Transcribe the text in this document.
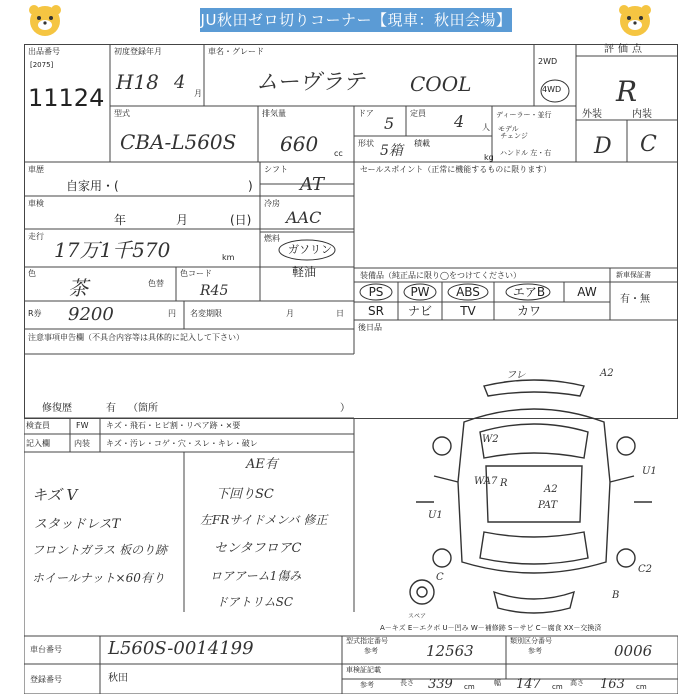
JU秋田ゼロ切りコーナー【現車：秋田会場】
出品番号
[2075]
11124
初度登録年月
H18 4
月
車名・グレード
ムーヴラテ COOL
2WD
4WD
評価点
R
外装	内装
D C
型式
CBA-L560S
排気量
660 cc
ドア
5
定員 4 人
形状 5箱 積載
kg
ディーラー・並行
モデル
チェンジ
ハンドル 左・右
車歴
自家用・(	)
シフト
AT
車検
年	月	(日)
冷房
AAC
走行
17万1千570	km
燃料
ガソリン
軽油
色
茶	色替
色コード
R45
R券 9200	円 名変期限	月	日
注意事項申告欄（不具合内容等は具体的に記入して下さい）
修復歴	有 （箇所	）
検査員
記入欄
FW キズ・飛石・ヒビ割・リペア跡・×要
内装 キズ・汚レ・コゲ・穴・スレ・キレ・破レ
セールスポイント（正常に機能するものに限ります）
装備品（純正品に限り◯をつけてください）	新車保証書
有・無
PS	PW	ABS	エアB	AW
SR	ナビ	TV	カワ
後日品
キズ V
スタッドレスT
フロントガラス 板のり跡
ホイールナット×60有り
AE有
下回りSC
左FRサイドメンバ 修正
センタフロアC
ロアアーム1傷み
ドアトリムSC
フレ	A2
W2
WA7
A2
R
PAT
U1
U1
C2
C
B
スペア
A－キズ E－エクボ U－凹み W－補修跡 S－サビ C－腐食 XX－交換済
車台番号	L560S-0014199
登録番号	秋田
型式指定番号
参考	12563
類別区分番号
参考	0006
車検証記載
参考	長さ 339 cm	幅 147 cm 高さ 163 cm
